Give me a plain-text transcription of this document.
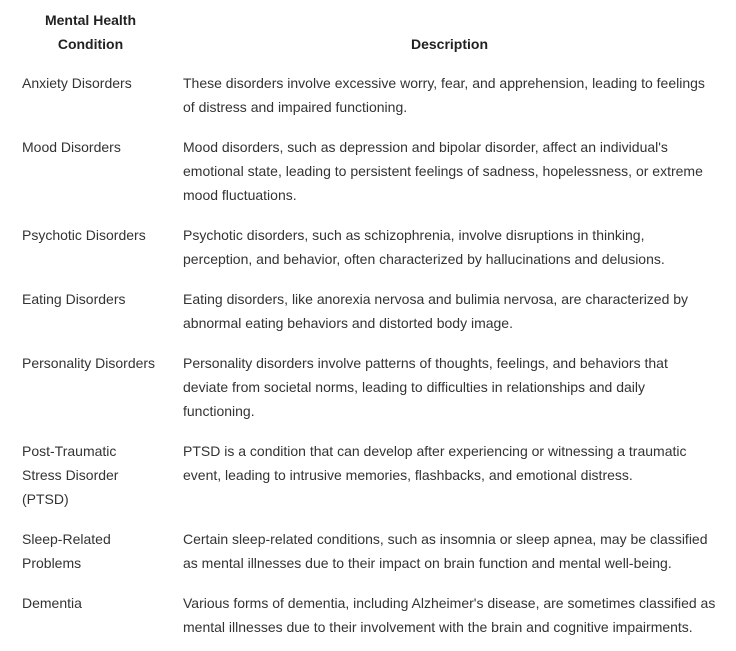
Mental Health Condition	Description
Anxiety Disorders	These disorders involve excessive worry, fear, and apprehension, leading to feelings of distress and impaired functioning.
Mood Disorders	Mood disorders, such as depression and bipolar disorder, affect an individual's emotional state, leading to persistent feelings of sadness, hopelessness, or extreme mood fluctuations.
Psychotic Disorders	Psychotic disorders, such as schizophrenia, involve disruptions in thinking, perception, and behavior, often characterized by hallucinations and delusions.
Eating Disorders	Eating disorders, like anorexia nervosa and bulimia nervosa, are characterized by abnormal eating behaviors and distorted body image.
Personality Disorders	Personality disorders involve patterns of thoughts, feelings, and behaviors that deviate from societal norms, leading to difficulties in relationships and daily functioning.
Post-Traumatic Stress Disorder (PTSD)	PTSD is a condition that can develop after experiencing or witnessing a traumatic event, leading to intrusive memories, flashbacks, and emotional distress.
Sleep-Related Problems	Certain sleep-related conditions, such as insomnia or sleep apnea, may be classified as mental illnesses due to their impact on brain function and mental well-being.
Dementia	Various forms of dementia, including Alzheimer's disease, are sometimes classified as mental illnesses due to their involvement with the brain and cognitive impairments.
